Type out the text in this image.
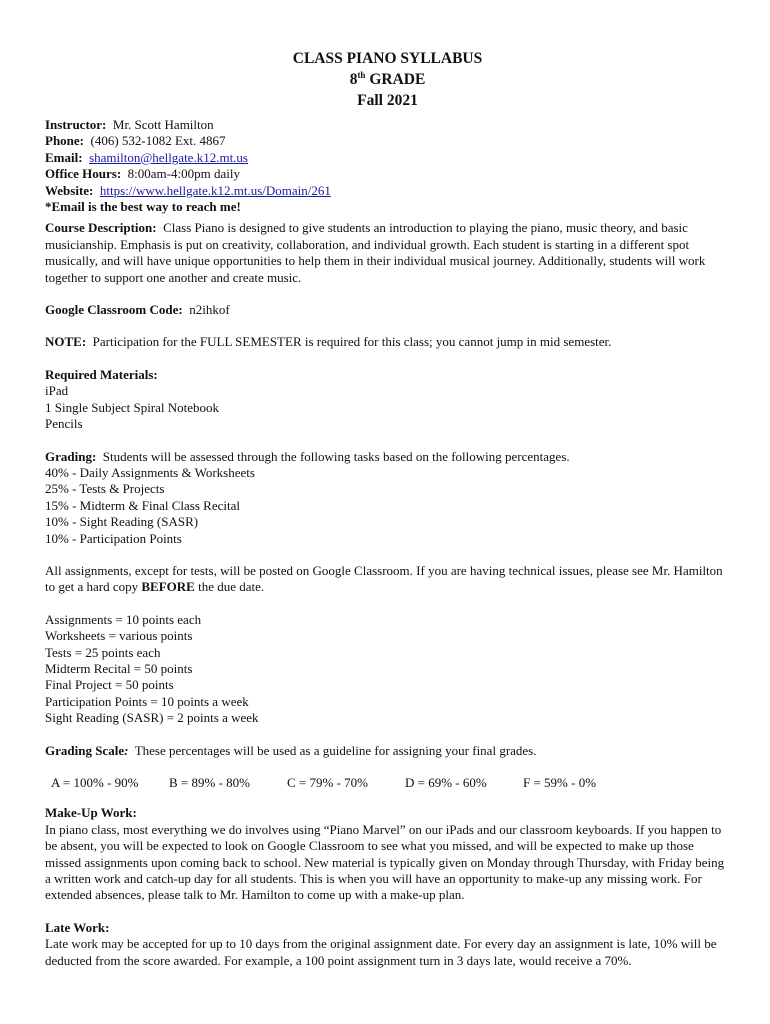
CLASS PIANO SYLLABUS
8th GRADE
Fall 2021
Instructor: Mr. Scott Hamilton
Phone: (406) 532-1082 Ext. 4867
Email: shamilton@hellgate.k12.mt.us
Office Hours: 8:00am-4:00pm daily
Website: https://www.hellgate.k12.mt.us/Domain/261
*Email is the best way to reach me!

Course Description: Class Piano is designed to give students an introduction to playing the piano, music theory, and basic musicianship. Emphasis is put on creativity, collaboration, and individual growth. Each student is starting in a different spot musically, and will have unique opportunities to help them in their individual musical journey. Additionally, students will work together to support one another and create music.

Google Classroom Code: n2ihkof

NOTE: Participation for the FULL SEMESTER is required for this class; you cannot jump in mid semester.

Required Materials:
iPad
1 Single Subject Spiral Notebook
Pencils
Grading: Students will be assessed through the following tasks based on the following percentages.
40% - Daily Assignments & Worksheets
25% - Tests & Projects
15% - Midterm & Final Class Recital
10% - Sight Reading (SASR)
10% - Participation Points

All assignments, except for tests, will be posted on Google Classroom. If you are having technical issues, please see Mr. Hamilton to get a hard copy BEFORE the due date.

Assignments = 10 points each
Worksheets = various points
Tests = 25 points each
Midterm Recital = 50 points
Final Project = 50 points
Participation Points = 10 points a week
Sight Reading (SASR) = 2 points a week

Grading Scale: These percentages will be used as a guideline for assigning your final grades.

A = 100% - 90%	B = 89% - 80%	C = 79% - 70%	D = 69% - 60%	F = 59% - 0%
Make-Up Work:
In piano class, most everything we do involves using “Piano Marvel” on our iPads and our classroom keyboards. If you happen to be absent, you will be expected to look on Google Classroom to see what you missed, and will be expected to make up those missed assignments upon coming back to school. New material is typically given on Monday through Thursday, with Friday being a written work and catch-up day for all students. This is when you will have an opportunity to make-up any missing work. For extended absences, please talk to Mr. Hamilton to come up with a make-up plan.
Late Work:
Late work may be accepted for up to 10 days from the original assignment date. For every day an assignment is late, 10% will be deducted from the score awarded. For example, a 100 point assignment turn in 3 days late, would receive a 70%.
